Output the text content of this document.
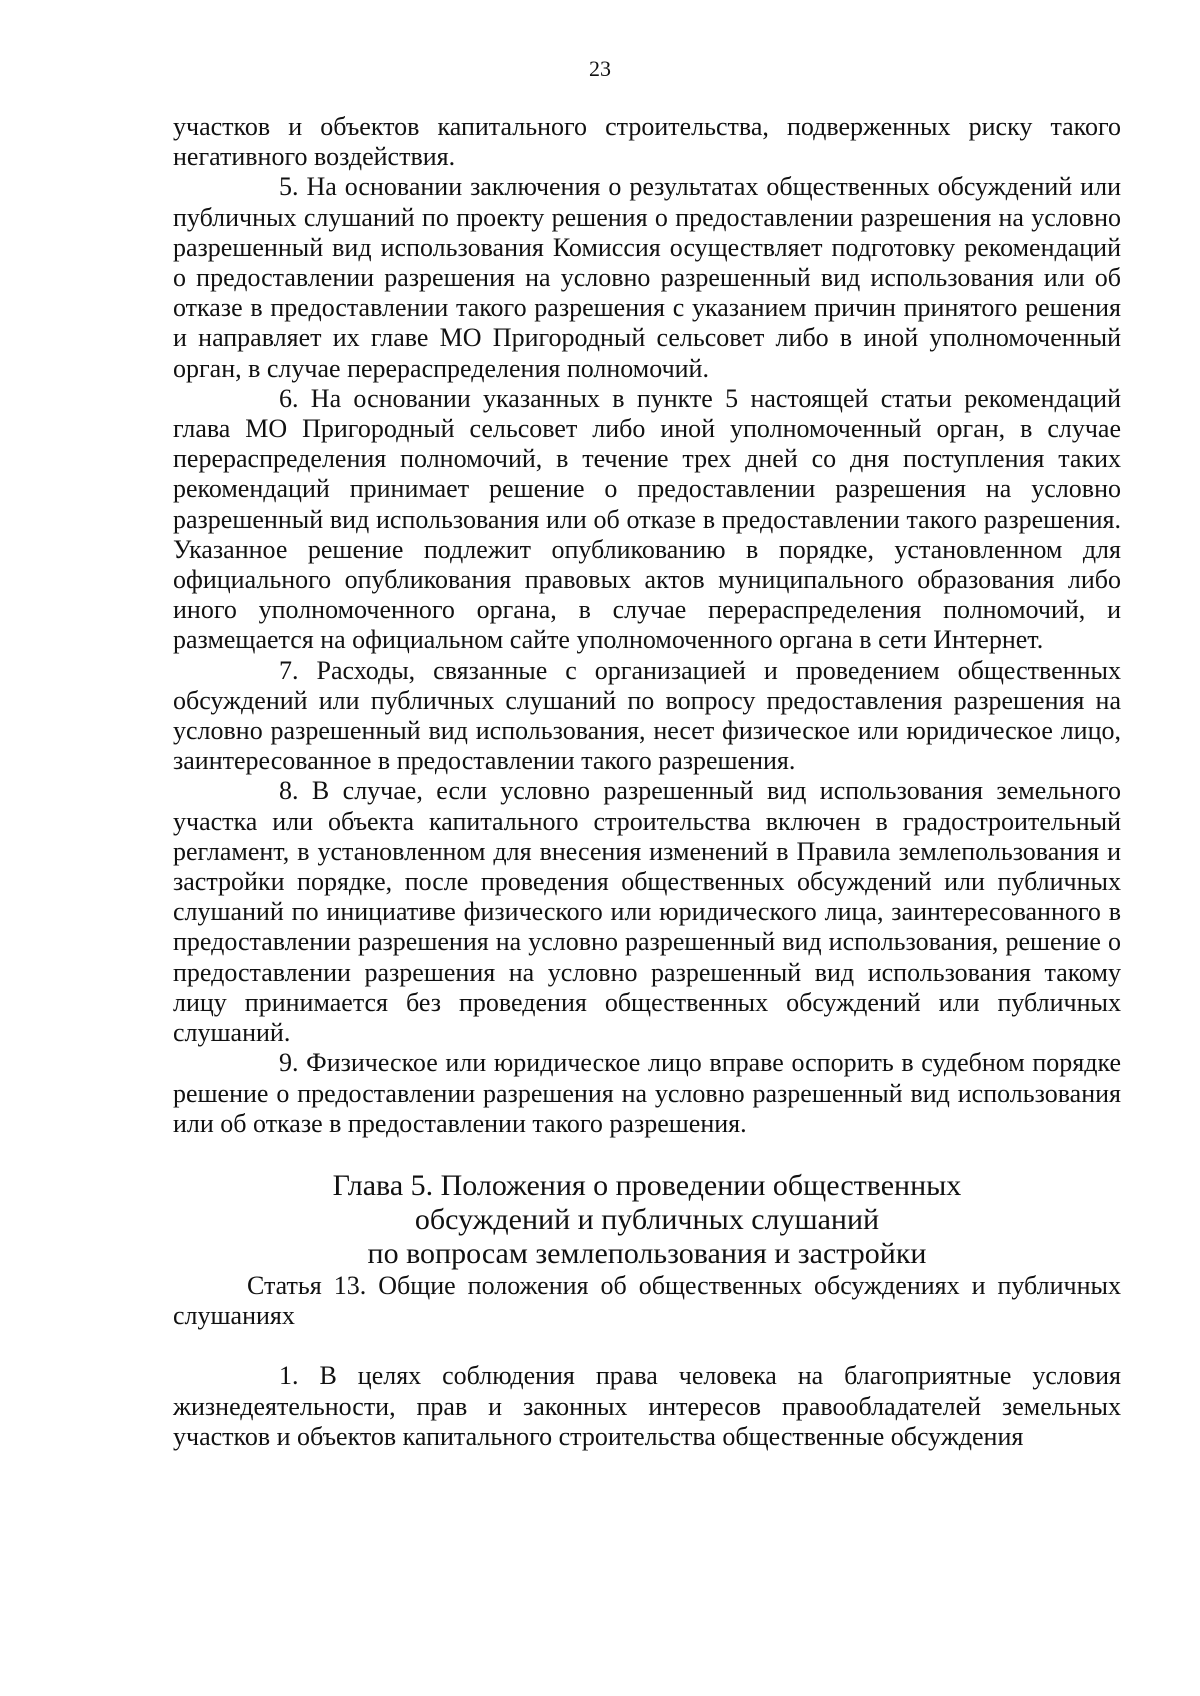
23

участков и объектов капитального строительства, подверженных риску такого негативного воздействия.

5. На основании заключения о результатах общественных обсуждений или публичных слушаний по проекту решения о предоставлении разрешения на условно разрешенный вид использования Комиссия осуществляет подготовку рекомендаций о предоставлении разрешения на условно разрешенный вид использования или об отказе в предоставлении такого разрешения с указанием причин принятого решения и направляет их главе МО Пригородный сельсовет либо в иной уполномоченный орган, в случае перераспределения полномочий.

6. На основании указанных в пункте 5 настоящей статьи рекомендаций глава МО Пригородный сельсовет либо иной уполномоченный орган, в случае перераспределения полномочий, в течение трех дней со дня поступления таких рекомендаций принимает решение о предоставлении разрешения на условно разрешенный вид использования или об отказе в предоставлении такого разрешения. Указанное решение подлежит опубликованию в порядке, установленном для официального опубликования правовых актов муниципального образования либо иного уполномоченного органа, в случае перераспределения полномочий, и размещается на официальном сайте уполномоченного органа в сети Интернет.

7. Расходы, связанные с организацией и проведением общественных обсуждений или публичных слушаний по вопросу предоставления разрешения на условно разрешенный вид использования, несет физическое или юридическое лицо, заинтересованное в предоставлении такого разрешения.

8. В случае, если условно разрешенный вид использования земельного участка или объекта капитального строительства включен в градостроительный регламент, в установленном для внесения изменений в Правила землепользования и застройки порядке, после проведения общественных обсуждений или публичных слушаний по инициативе физического или юридического лица, заинтересованного в предоставлении разрешения на условно разрешенный вид использования, решение о предоставлении разрешения на условно разрешенный вид использования такому лицу принимается без проведения общественных обсуждений или публичных слушаний.

9. Физическое или юридическое лицо вправе оспорить в судебном порядке решение о предоставлении разрешения на условно разрешенный вид использования или об отказе в предоставлении такого разрешения.

Глава 5. Положения о проведении общественных
обсуждений и публичных слушаний
по вопросам землепользования и застройки

Статья 13. Общие положения об общественных обсуждениях и публичных слушаниях

1. В целях соблюдения права человека на благоприятные условия жизнедеятельности, прав и законных интересов правообладателей земельных участков и объектов капитального строительства общественные обсуждения
